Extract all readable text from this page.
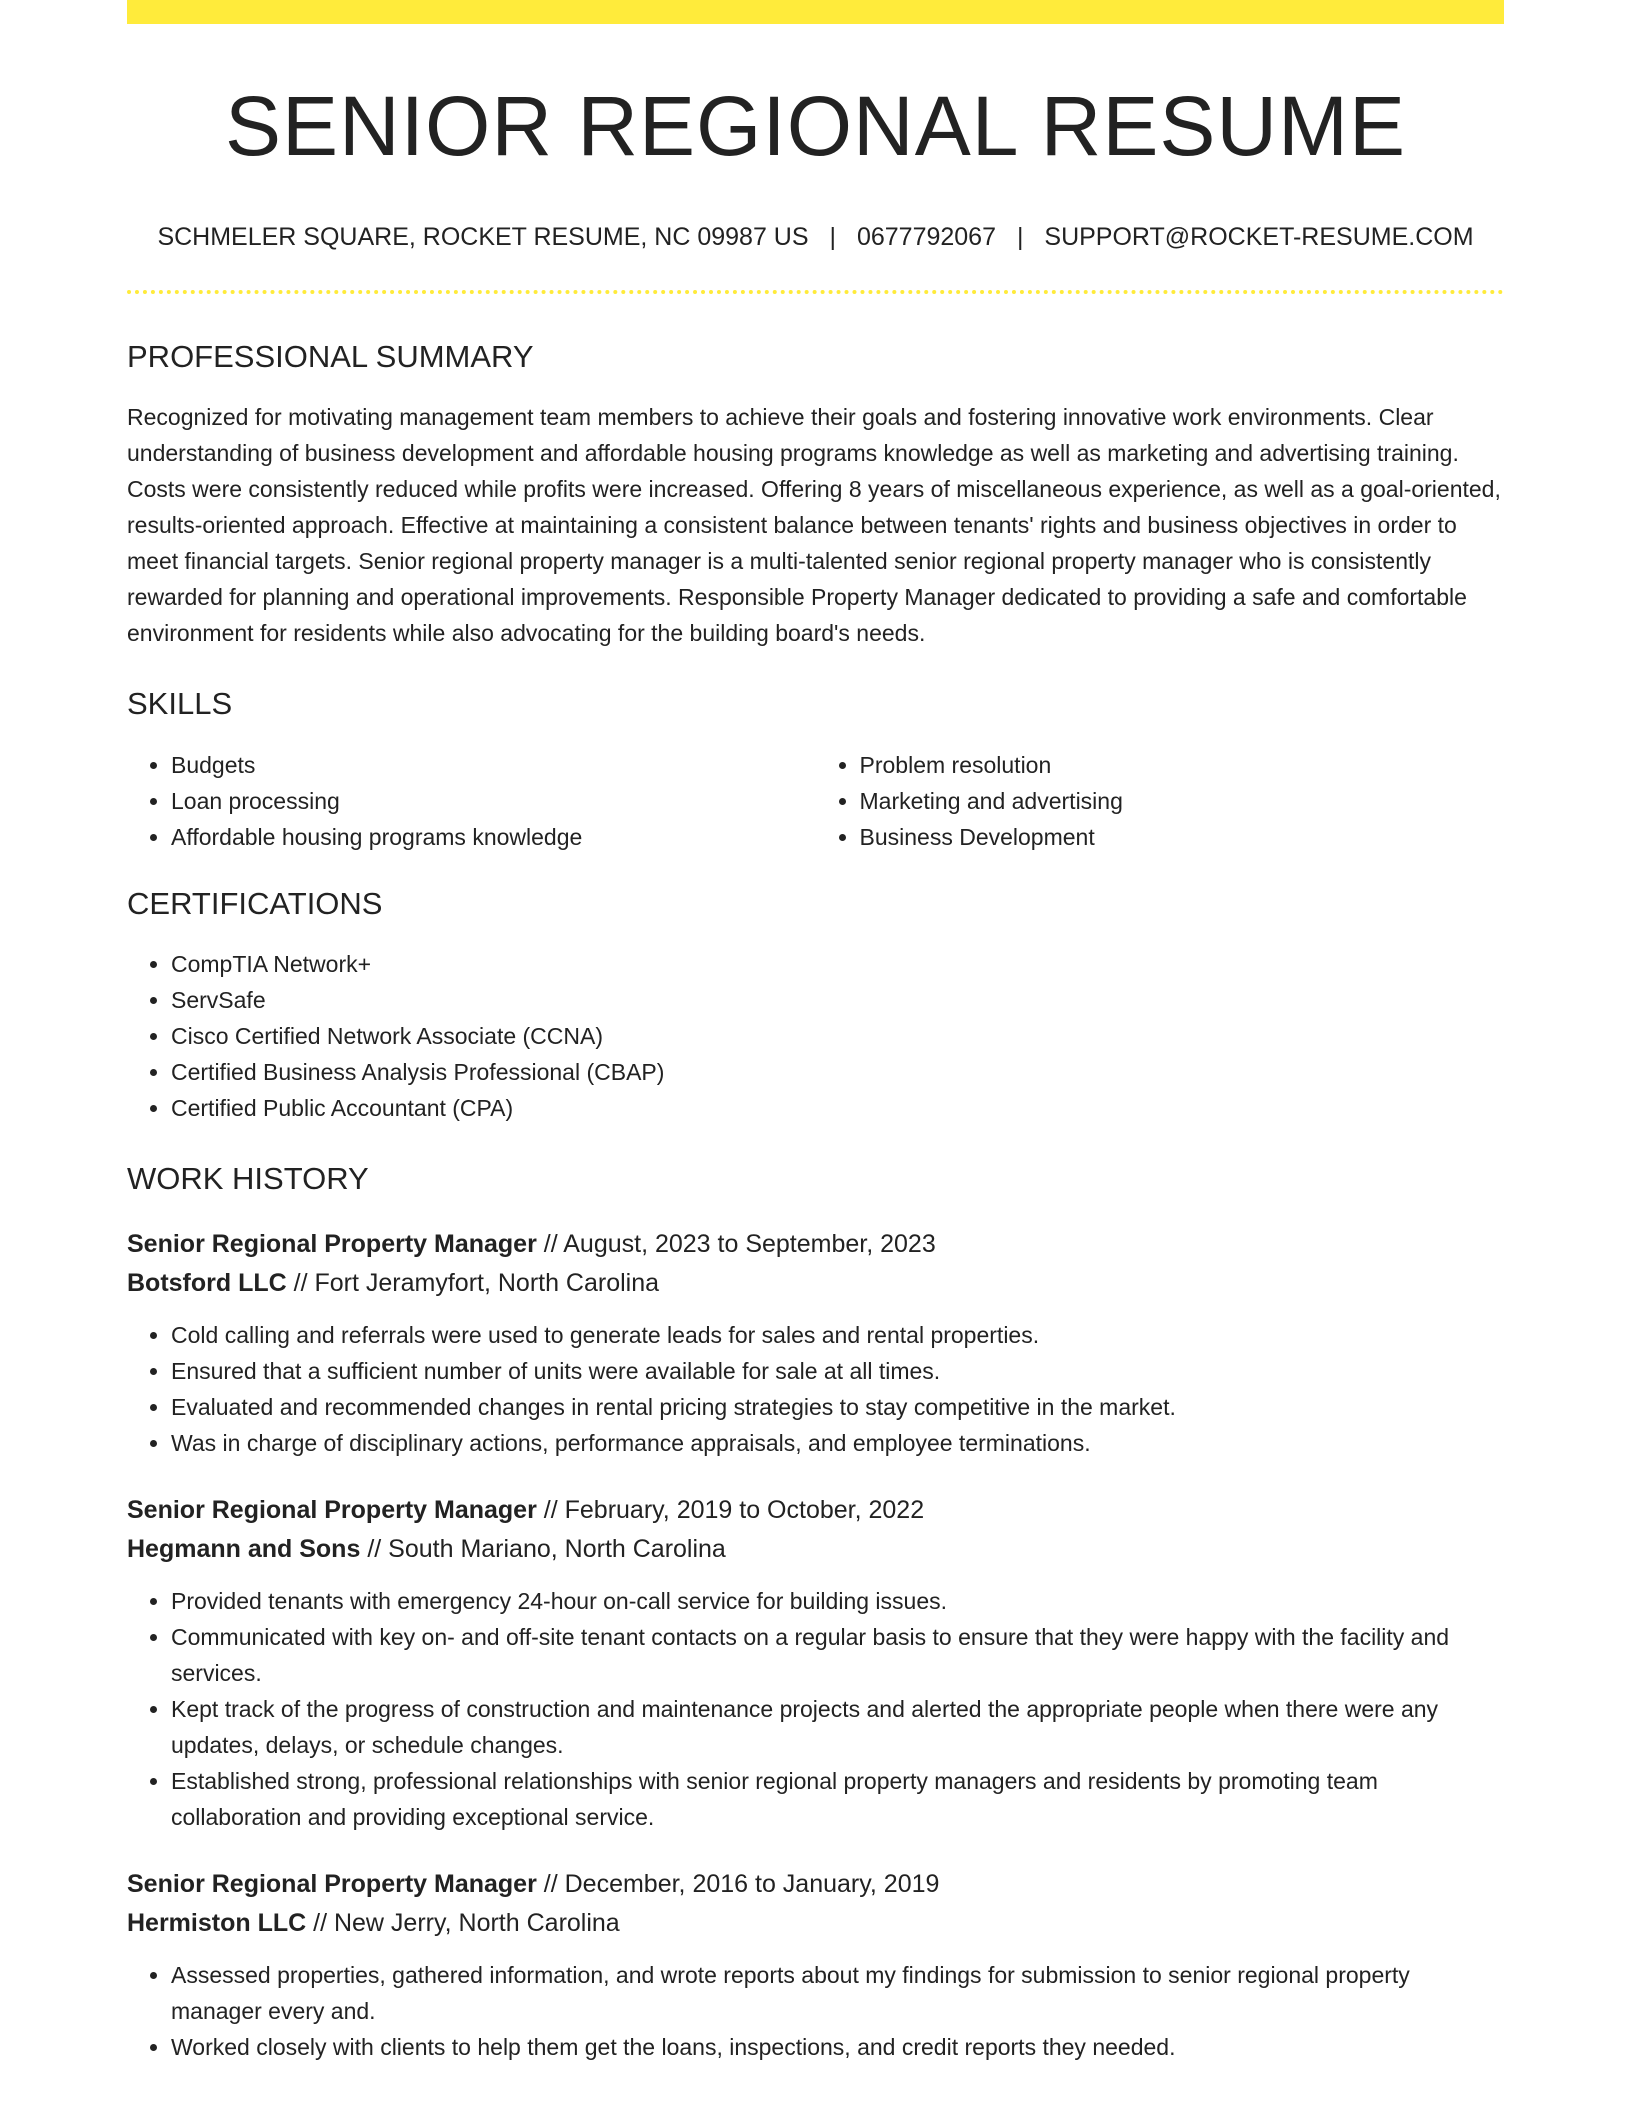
SENIOR REGIONAL RESUME
SCHMELER SQUARE, ROCKET RESUME, NC 09987 US | 0677792067 | SUPPORT@ROCKET-RESUME.COM
PROFESSIONAL SUMMARY

Recognized for motivating management team members to achieve their goals and fostering innovative work environments. Clear understanding of business development and affordable housing programs knowledge as well as marketing and advertising training. Costs were consistently reduced while profits were increased. Offering 8 years of miscellaneous experience, as well as a goal-oriented, results-oriented approach. Effective at maintaining a consistent balance between tenants' rights and business objectives in order to meet financial targets. Senior regional property manager is a multi-talented senior regional property manager who is consistently rewarded for planning and operational improvements. Responsible Property Manager dedicated to providing a safe and comfortable environment for residents while also advocating for the building board's needs.

SKILLS
• Budgets
• Loan processing
• Affordable housing programs knowledge
• Problem resolution
• Marketing and advertising
• Business Development
CERTIFICATIONS
• CompTIA Network+
• ServSafe
• Cisco Certified Network Associate (CCNA)
• Certified Business Analysis Professional (CBAP)
• Certified Public Accountant (CPA)
WORK HISTORY
Senior Regional Property Manager // August, 2023 to September, 2023
Botsford LLC // Fort Jeramyfort, North Carolina
• Cold calling and referrals were used to generate leads for sales and rental properties.
• Ensured that a sufficient number of units were available for sale at all times.
• Evaluated and recommended changes in rental pricing strategies to stay competitive in the market.
• Was in charge of disciplinary actions, performance appraisals, and employee terminations.
Senior Regional Property Manager // February, 2019 to October, 2022
Hegmann and Sons // South Mariano, North Carolina
• Provided tenants with emergency 24-hour on-call service for building issues.
• Communicated with key on- and off-site tenant contacts on a regular basis to ensure that they were happy with the facility and services.
• Kept track of the progress of construction and maintenance projects and alerted the appropriate people when there were any updates, delays, or schedule changes.
• Established strong, professional relationships with senior regional property managers and residents by promoting team collaboration and providing exceptional service.
Senior Regional Property Manager // December, 2016 to January, 2019
Hermiston LLC // New Jerry, North Carolina
• Assessed properties, gathered information, and wrote reports about my findings for submission to senior regional property manager every and.
• Worked closely with clients to help them get the loans, inspections, and credit reports they needed.
